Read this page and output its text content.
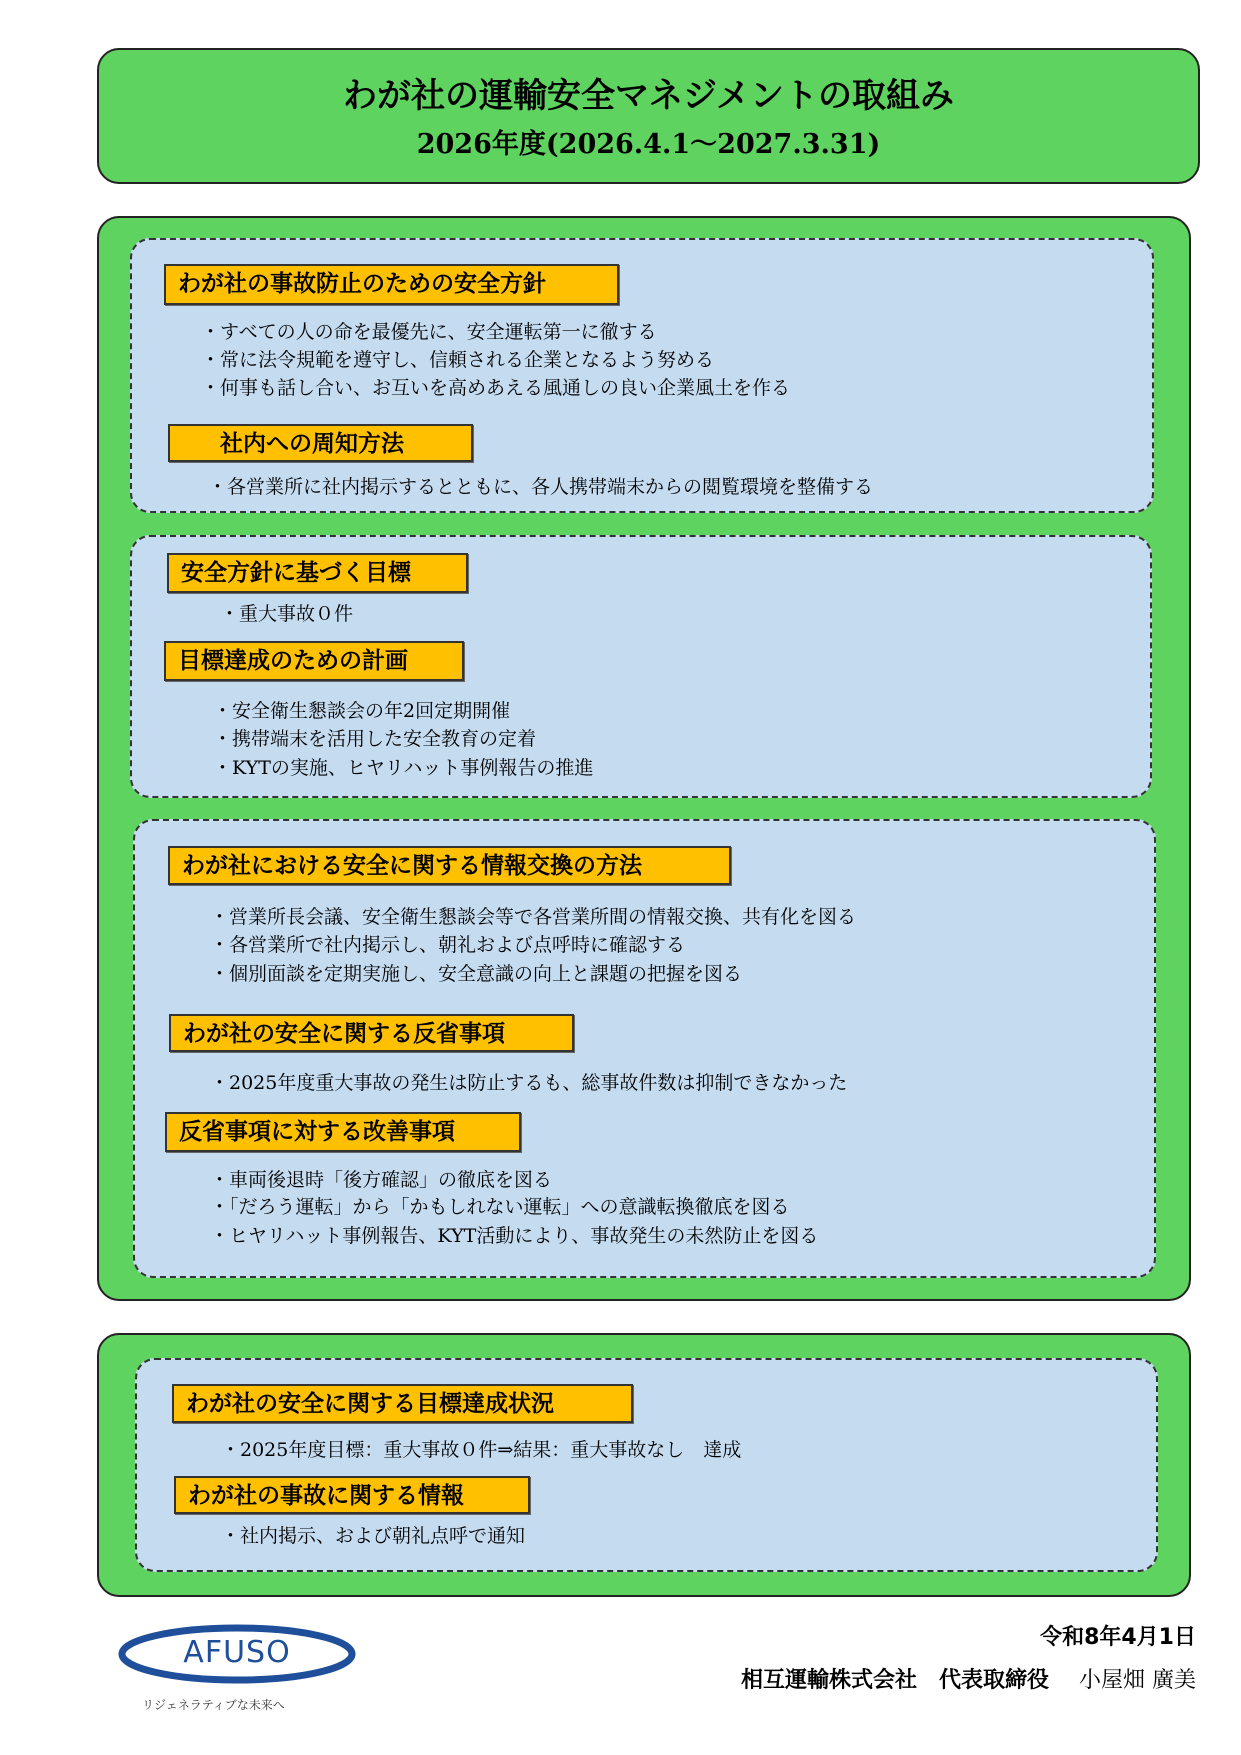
わが社の運輸安全マネジメントの取組み
2026年度(2026.4.1～2027.3.31)
わが社の事故防止のための安全方針
・すべての人の命を最優先に、安全運転第一に徹する
・常に法令規範を遵守し、信頼される企業となるよう努める
・何事も話し合い、お互いを高めあえる風通しの良い企業風土を作る
社内への周知方法
・各営業所に社内掲示するとともに、各人携帯端末からの閲覧環境を整備する
安全方針に基づく目標
・重大事故０件
目標達成のための計画
・安全衛生懇談会の年2回定期開催
・携帯端末を活用した安全教育の定着
・KYTの実施、ヒヤリハット事例報告の推進
わが社における安全に関する情報交換の方法
・営業所長会議、安全衛生懇談会等で各営業所間の情報交換、共有化を図る
・各営業所で社内掲示し、朝礼および点呼時に確認する
・個別面談を定期実施し、安全意識の向上と課題の把握を図る
わが社の安全に関する反省事項
・2025年度重大事故の発生は防止するも、総事故件数は抑制できなかった
反省事項に対する改善事項
・車両後退時「後方確認」の徹底を図る
・「だろう運転」から「かもしれない運転」への意識転換徹底を図る
・ヒヤリハット事例報告、KYT活動により、事故発生の未然防止を図る
わが社の安全に関する目標達成状況
・2025年度目標：重大事故０件⇒結果：重大事故なし　達成
わが社の事故に関する情報
・社内掲示、および朝礼点呼で通知
AFUSO
リジェネラティブな未来へ
令和8年4月1日
相互運輸株式会社　代表取締役 小屋畑 廣美
